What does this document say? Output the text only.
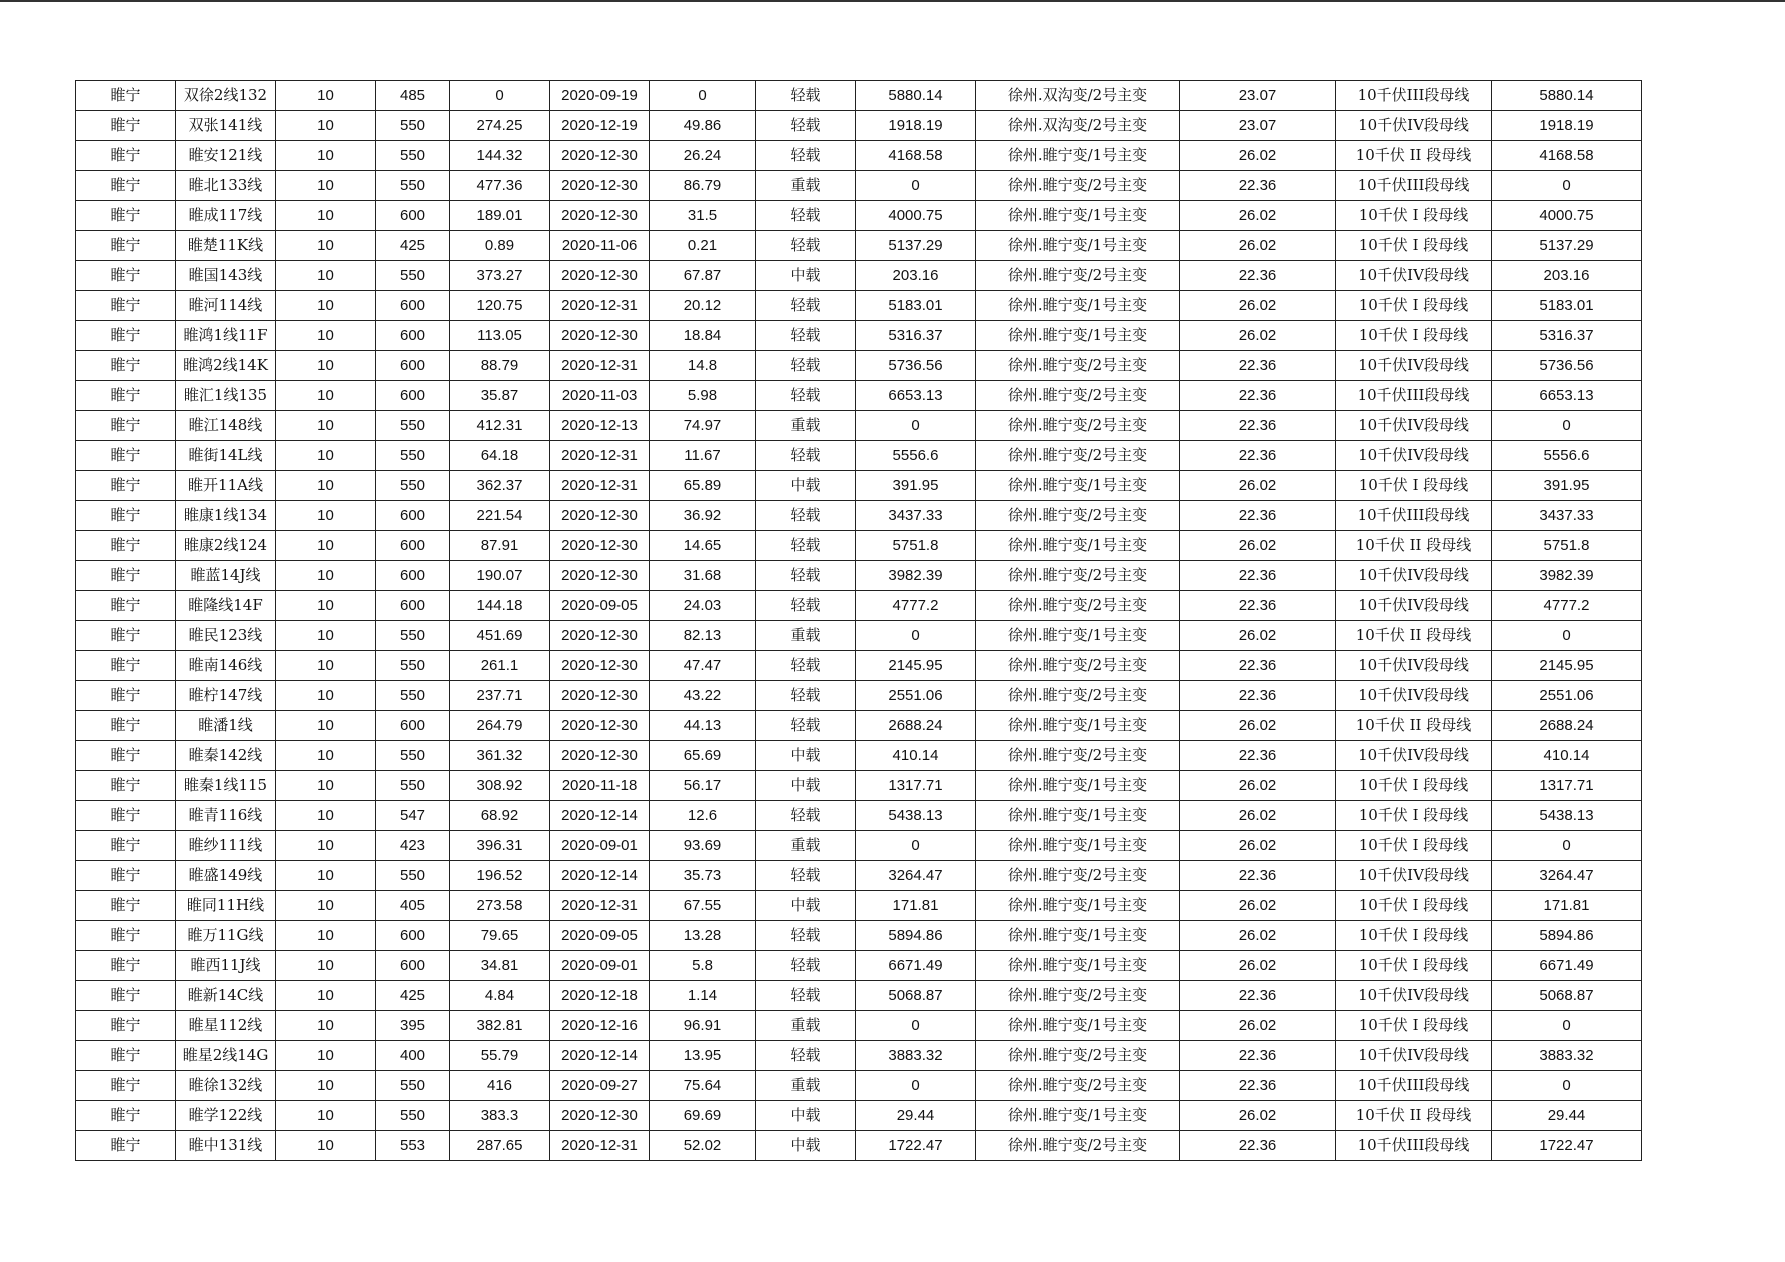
睢宁	双徐2线132	10	485	0	2020-09-19	0	轻载	5880.14	徐州.双沟变/2号主变	23.07	10千伏III段母线	5880.14
睢宁	双张141线	10	550	274.25	2020-12-19	49.86	轻载	1918.19	徐州.双沟变/2号主变	23.07	10千伏IV段母线	1918.19
睢宁	睢安121线	10	550	144.32	2020-12-30	26.24	轻载	4168.58	徐州.睢宁变/1号主变	26.02	10千伏 II 段母线	4168.58
睢宁	睢北133线	10	550	477.36	2020-12-30	86.79	重载	0	徐州.睢宁变/2号主变	22.36	10千伏III段母线	0
睢宁	睢成117线	10	600	189.01	2020-12-30	31.5	轻载	4000.75	徐州.睢宁变/1号主变	26.02	10千伏 I 段母线	4000.75
睢宁	睢楚11K线	10	425	0.89	2020-11-06	0.21	轻载	5137.29	徐州.睢宁变/1号主变	26.02	10千伏 I 段母线	5137.29
睢宁	睢国143线	10	550	373.27	2020-12-30	67.87	中载	203.16	徐州.睢宁变/2号主变	22.36	10千伏IV段母线	203.16
睢宁	睢河114线	10	600	120.75	2020-12-31	20.12	轻载	5183.01	徐州.睢宁变/1号主变	26.02	10千伏 I 段母线	5183.01
睢宁	睢鸿1线11F	10	600	113.05	2020-12-30	18.84	轻载	5316.37	徐州.睢宁变/1号主变	26.02	10千伏 I 段母线	5316.37
睢宁	睢鸿2线14K	10	600	88.79	2020-12-31	14.8	轻载	5736.56	徐州.睢宁变/2号主变	22.36	10千伏IV段母线	5736.56
睢宁	睢汇1线135	10	600	35.87	2020-11-03	5.98	轻载	6653.13	徐州.睢宁变/2号主变	22.36	10千伏III段母线	6653.13
睢宁	睢江148线	10	550	412.31	2020-12-13	74.97	重载	0	徐州.睢宁变/2号主变	22.36	10千伏IV段母线	0
睢宁	睢街14L线	10	550	64.18	2020-12-31	11.67	轻载	5556.6	徐州.睢宁变/2号主变	22.36	10千伏IV段母线	5556.6
睢宁	睢开11A线	10	550	362.37	2020-12-31	65.89	中载	391.95	徐州.睢宁变/1号主变	26.02	10千伏 I 段母线	391.95
睢宁	睢康1线134	10	600	221.54	2020-12-30	36.92	轻载	3437.33	徐州.睢宁变/2号主变	22.36	10千伏III段母线	3437.33
睢宁	睢康2线124	10	600	87.91	2020-12-30	14.65	轻载	5751.8	徐州.睢宁变/1号主变	26.02	10千伏 II 段母线	5751.8
睢宁	睢蓝14J线	10	600	190.07	2020-12-30	31.68	轻载	3982.39	徐州.睢宁变/2号主变	22.36	10千伏IV段母线	3982.39
睢宁	睢隆线14F	10	600	144.18	2020-09-05	24.03	轻载	4777.2	徐州.睢宁变/2号主变	22.36	10千伏IV段母线	4777.2
睢宁	睢民123线	10	550	451.69	2020-12-30	82.13	重载	0	徐州.睢宁变/1号主变	26.02	10千伏 II 段母线	0
睢宁	睢南146线	10	550	261.1	2020-12-30	47.47	轻载	2145.95	徐州.睢宁变/2号主变	22.36	10千伏IV段母线	2145.95
睢宁	睢柠147线	10	550	237.71	2020-12-30	43.22	轻载	2551.06	徐州.睢宁变/2号主变	22.36	10千伏IV段母线	2551.06
睢宁	睢潘1线	10	600	264.79	2020-12-30	44.13	轻载	2688.24	徐州.睢宁变/1号主变	26.02	10千伏 II 段母线	2688.24
睢宁	睢秦142线	10	550	361.32	2020-12-30	65.69	中载	410.14	徐州.睢宁变/2号主变	22.36	10千伏IV段母线	410.14
睢宁	睢秦1线115	10	550	308.92	2020-11-18	56.17	中载	1317.71	徐州.睢宁变/1号主变	26.02	10千伏 I 段母线	1317.71
睢宁	睢青116线	10	547	68.92	2020-12-14	12.6	轻载	5438.13	徐州.睢宁变/1号主变	26.02	10千伏 I 段母线	5438.13
睢宁	睢纱111线	10	423	396.31	2020-09-01	93.69	重载	0	徐州.睢宁变/1号主变	26.02	10千伏 I 段母线	0
睢宁	睢盛149线	10	550	196.52	2020-12-14	35.73	轻载	3264.47	徐州.睢宁变/2号主变	22.36	10千伏IV段母线	3264.47
睢宁	睢同11H线	10	405	273.58	2020-12-31	67.55	中载	171.81	徐州.睢宁变/1号主变	26.02	10千伏 I 段母线	171.81
睢宁	睢万11G线	10	600	79.65	2020-09-05	13.28	轻载	5894.86	徐州.睢宁变/1号主变	26.02	10千伏 I 段母线	5894.86
睢宁	睢西11J线	10	600	34.81	2020-09-01	5.8	轻载	6671.49	徐州.睢宁变/1号主变	26.02	10千伏 I 段母线	6671.49
睢宁	睢新14C线	10	425	4.84	2020-12-18	1.14	轻载	5068.87	徐州.睢宁变/2号主变	22.36	10千伏IV段母线	5068.87
睢宁	睢星112线	10	395	382.81	2020-12-16	96.91	重载	0	徐州.睢宁变/1号主变	26.02	10千伏 I 段母线	0
睢宁	睢星2线14G	10	400	55.79	2020-12-14	13.95	轻载	3883.32	徐州.睢宁变/2号主变	22.36	10千伏IV段母线	3883.32
睢宁	睢徐132线	10	550	416	2020-09-27	75.64	重载	0	徐州.睢宁变/2号主变	22.36	10千伏III段母线	0
睢宁	睢学122线	10	550	383.3	2020-12-30	69.69	中载	29.44	徐州.睢宁变/1号主变	26.02	10千伏 II 段母线	29.44
睢宁	睢中131线	10	553	287.65	2020-12-31	52.02	中载	1722.47	徐州.睢宁变/2号主变	22.36	10千伏III段母线	1722.47
